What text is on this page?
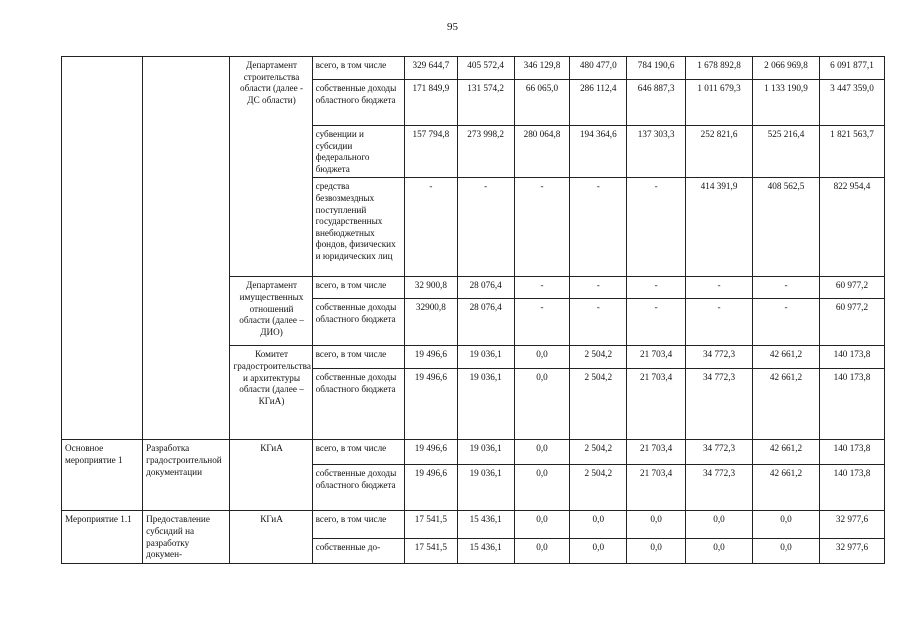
95
		Департамент строительства области (далее - ДС области)	всего, в том числе	329 644,7	405 572,4	346 129,8	480 477,0	784 190,6	1 678 892,8	2 066 969,8	6 091 877,1
			собственные доходы областного бюджета	171 849,9	131 574,2	66 065,0	286 112,4	646 887,3	1 011 679,3	1 133 190,9	3 447 359,0
			субвенции и субсидии федерального бюджета	157 794,8	273 998,2	280 064,8	194 364,6	137 303,3	252 821,6	525 216,4	1 821 563,7
			средства безвозмездных поступлений государственных внебюджетных фондов, физических и юридических лиц	-	-	-	-	-	414 391,9	408 562,5	822 954,4
		Департамент имущественных отношений области (далее – ДИО)	всего, в том числе	32 900,8	28 076,4	-	-	-	-	-	60 977,2
			собственные доходы областного бюджета	32900,8	28 076,4	-	-	-	-	-	60 977,2
		Комитет градостроительства и архитектуры области (далее – КГиА)	всего, в том числе	19 496,6	19 036,1	0,0	2 504,2	21 703,4	34 772,3	42 661,2	140 173,8
			собственные доходы областного бюджета	19 496,6	19 036,1	0,0	2 504,2	21 703,4	34 772,3	42 661,2	140 173,8
Основное мероприятие 1	Разработка градостроительной документации	КГиА	всего, в том числе	19 496,6	19 036,1	0,0	2 504,2	21 703,4	34 772,3	42 661,2	140 173,8
			собственные доходы областного бюджета	19 496,6	19 036,1	0,0	2 504,2	21 703,4	34 772,3	42 661,2	140 173,8
Мероприятие 1.1	Предоставление субсидий на разработку докумен-	КГиА	всего, в том числе	17 541,5	15 436,1	0,0	0,0	0,0	0,0	0,0	32 977,6
			собственные до-	17 541,5	15 436,1	0,0	0,0	0,0	0,0	0,0	32 977,6
